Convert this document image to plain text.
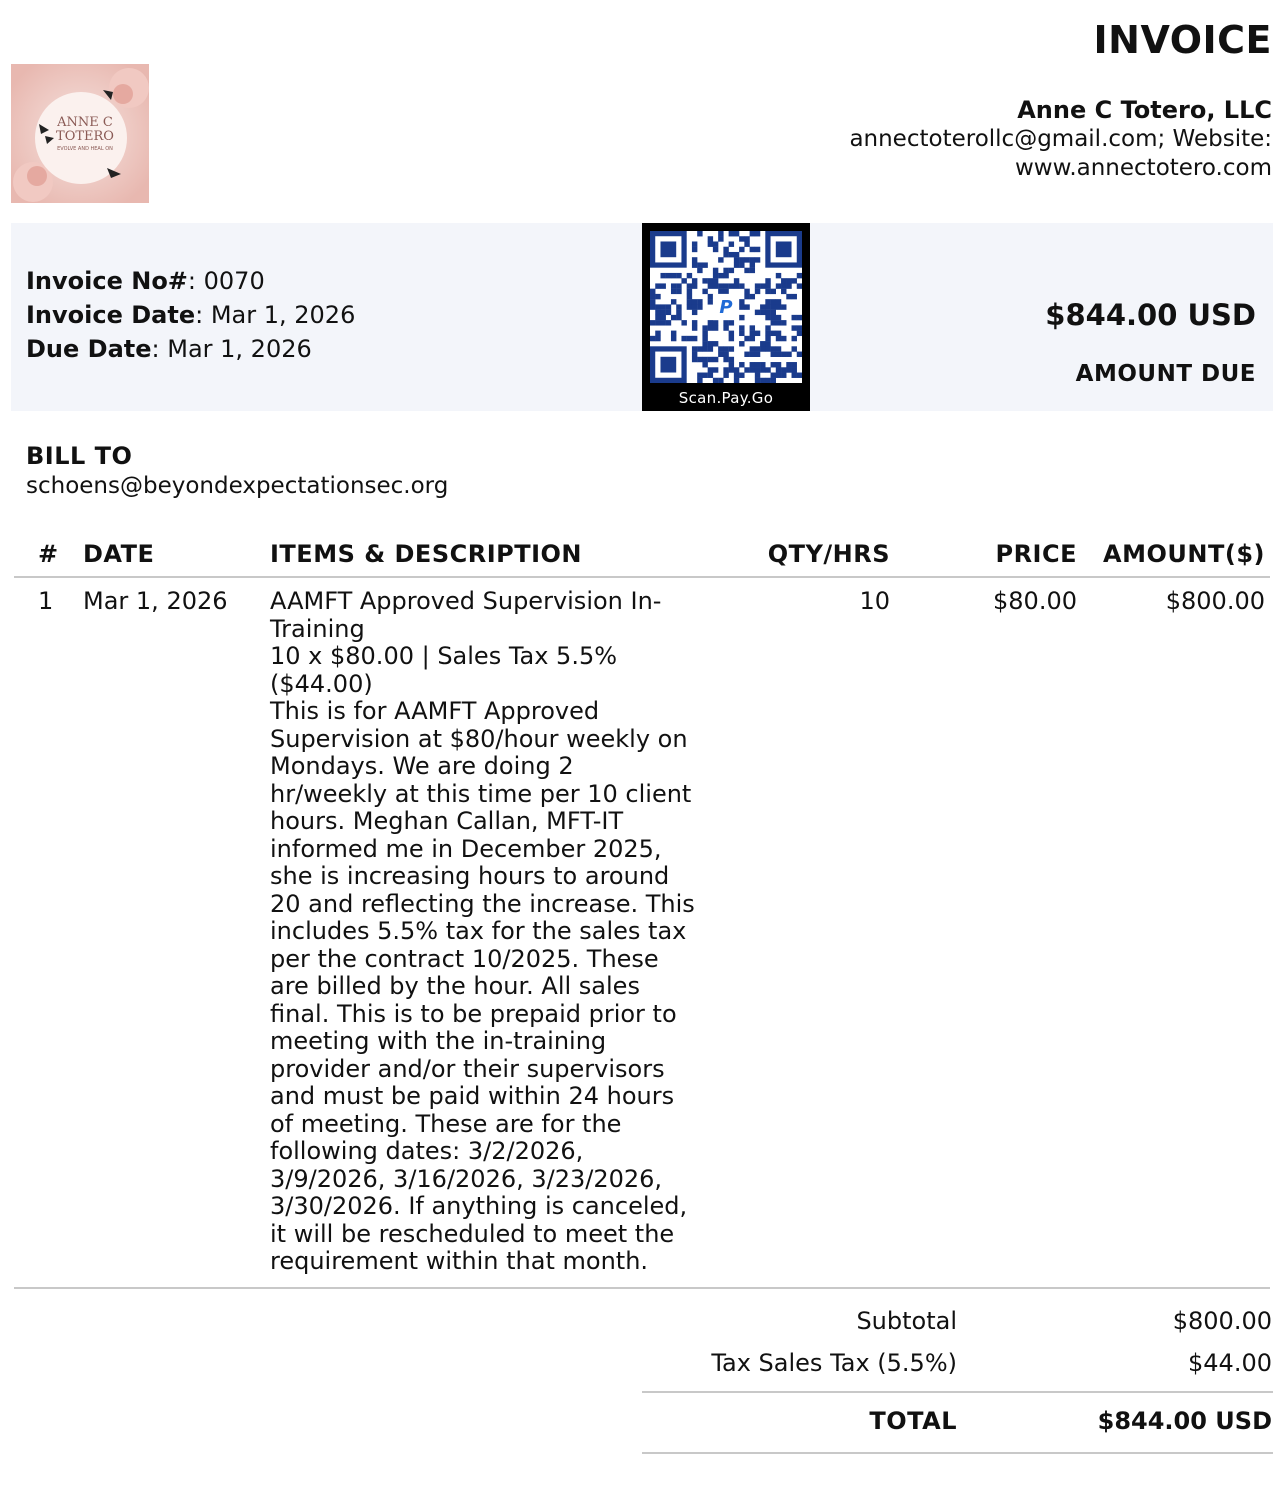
INVOICE
ANNE C
TOTERO
EVOLVE AND HEAL ON
Anne C Totero, LLC
annectoterollc@gmail.com; Website:
www.annectotero.com
Invoice No#: 0070
Invoice Date: Mar 1, 2026
Due Date: Mar 1, 2026
P
Scan.Pay.Go
$844.00 USD
AMOUNT DUE
BILL TO
schoens@beyondexpectationsec.org
# DATE	ITEMS & DESCRIPTION	QTY/HRS	PRICE AMOUNT($)
1 Mar 1, 2026 AAMFT Approved Supervision In-
Training
10 x $80.00 | Sales Tax 5.5%
($44.00)
This is for AAMFT Approved
Supervision at $80/hour weekly on
Mondays. We are doing 2
hr/weekly at this time per 10 client
hours. Meghan Callan, MFT-IT
informed me in December 2025,
she is increasing hours to around
20 and reflecting the increase. This
includes 5.5% tax for the sales tax
per the contract 10/2025. These
are billed by the hour. All sales
final. This is to be prepaid prior to
meeting with the in-training
provider and/or their supervisors
and must be paid within 24 hours
of meeting. These are for the
following dates: 3/2/2026,
3/9/2026, 3/16/2026, 3/23/2026,
3/30/2026. If anything is canceled,
it will be rescheduled to meet the
requirement within that month.
10	$80.00	$800.00
Subtotal	$800.00
Tax Sales Tax (5.5%)	$44.00
TOTAL	$844.00 USD
